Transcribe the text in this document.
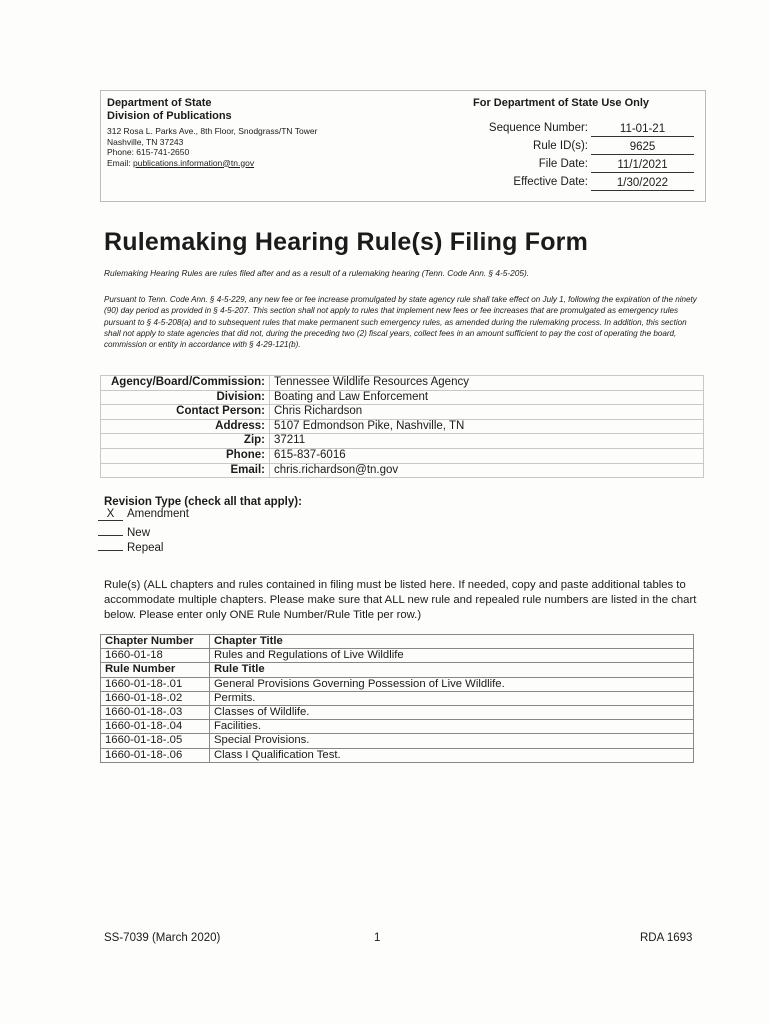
Department of State
Division of Publications
312 Rosa L. Parks Ave., 8th Floor, Snodgrass/TN Tower
Nashville, TN 37243
Phone: 615-741-2650
Email: publications.information@tn.gov
For Department of State Use Only
Sequence Number:	11-01-21
Rule ID(s):	9625
File Date:	11/1/2021
Effective Date:	1/30/2022
Rulemaking Hearing Rule(s) Filing Form
Rulemaking Hearing Rules are rules filed after and as a result of a rulemaking hearing (Tenn. Code Ann. § 4-5-205).
Pursuant to Tenn. Code Ann. § 4-5-229, any new fee or fee increase promulgated by state agency rule shall take effect on July 1, following the expiration of the ninety (90) day period as provided in § 4-5-207. This section shall not apply to rules that implement new fees or fee increases that are promulgated as emergency rules pursuant to § 4-5-208(a) and to subsequent rules that make permanent such emergency rules, as amended during the rulemaking process. In addition, this section shall not apply to state agencies that did not, during the preceding two (2) fiscal years, collect fees in an amount sufficient to pay the cost of operating the board, commission or entity in accordance with § 4-29-121(b).
Agency/Board/Commission:	Tennessee Wildlife Resources Agency
Division:	Boating and Law Enforcement
Contact Person:	Chris Richardson
Address:	5107 Edmondson Pike, Nashville, TN
Zip:	37211
Phone:	615-837-6016
Email:	chris.richardson@tn.gov
Revision Type (check all that apply):
X Amendment
New
Repeal
Rule(s) (ALL chapters and rules contained in filing must be listed here. If needed, copy and paste additional tables to accommodate multiple chapters. Please make sure that ALL new rule and repealed rule numbers are listed in the chart below. Please enter only ONE Rule Number/Rule Title per row.)
Chapter Number	Chapter Title
1660-01-18	Rules and Regulations of Live Wildlife
Rule Number	Rule Title
1660-01-18-.01	General Provisions Governing Possession of Live Wildlife.
1660-01-18-.02	Permits.
1660-01-18-.03	Classes of Wildlife.
1660-01-18-.04	Facilities.
1660-01-18-.05	Special Provisions.
1660-01-18-.06	Class I Qualification Test.
SS-7039 (March 2020)	1	RDA 1693
